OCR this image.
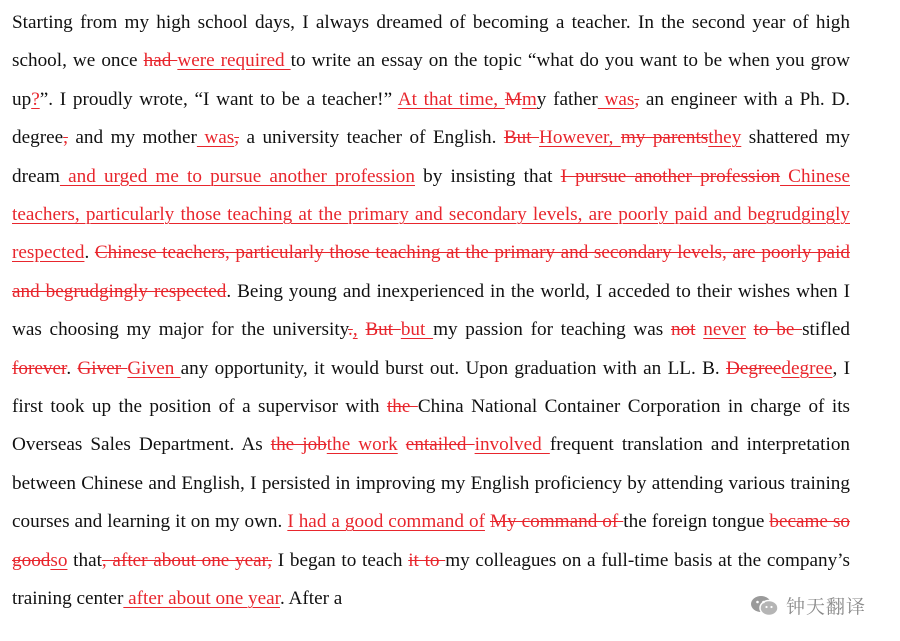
Starting from my high school days, I always dreamed of becoming a teacher. In the second year of high school, we once had were required to write an essay on the topic “what do you want to be when you grow up?”. I proudly wrote, “I want to be a teacher!” At that time, Mmy father was, an engineer with a Ph. D. degree, and my mother was, a university teacher of English. But However, my parentsthey shattered my dream and urged me to pursue another profession by insisting that I pursue another profession Chinese teachers, particularly those teaching at the primary and secondary levels, are poorly paid and begrudgingly respected. Chinese teachers, particularly those teaching at the primary and secondary levels, are poorly paid and begrudgingly respected. Being young and inexperienced in the world, I acceded to their wishes when I was choosing my major for the university., But but my passion for teaching was not never to be stifled forever. Giver Given any opportunity, it would burst out. Upon graduation with an LL. B. Degreedegree, I first took up the position of a supervisor with the China National Container Corporation in charge of its Overseas Sales Department. As the jobthe work entailed involved frequent translation and interpretation between Chinese and English, I persisted in improving my English proficiency by attending various training courses and learning it on my own. I had a good command of My command of the foreign tongue became so goodso that, after about one year, I began to teach it to my colleagues on a full-time basis at the company’s training center after about one year. After a	钟天翻译
